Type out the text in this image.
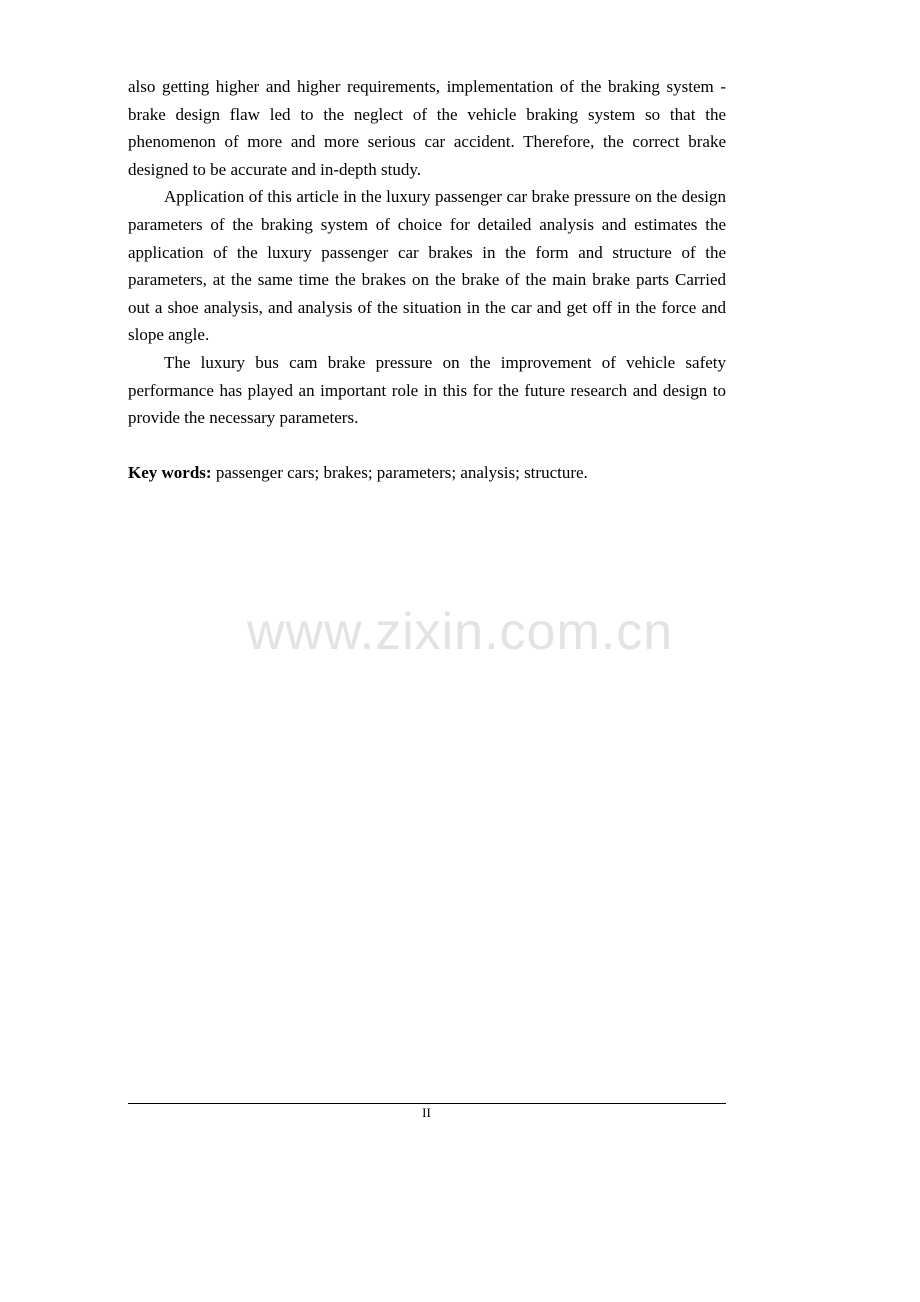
also getting higher and higher requirements, implementation of the braking system - brake design flaw led to the neglect of the vehicle braking system so that the phenomenon of more and more serious car accident. Therefore, the correct brake designed to be accurate and in-depth study.

Application of this article in the luxury passenger car brake pressure on the design parameters of the braking system of choice for detailed analysis and estimates the application of the luxury passenger car brakes in the form and structure of the parameters, at the same time the brakes on the brake of the main brake parts Carried out a shoe analysis, and analysis of the situation in the car and get off in the force and slope angle.

The luxury bus cam brake pressure on the improvement of vehicle safety performance has played an important role in this for the future research and design to provide the necessary parameters.

Key words: passenger cars; brakes; parameters; analysis; structure.

www.zixin.com.cn
II
